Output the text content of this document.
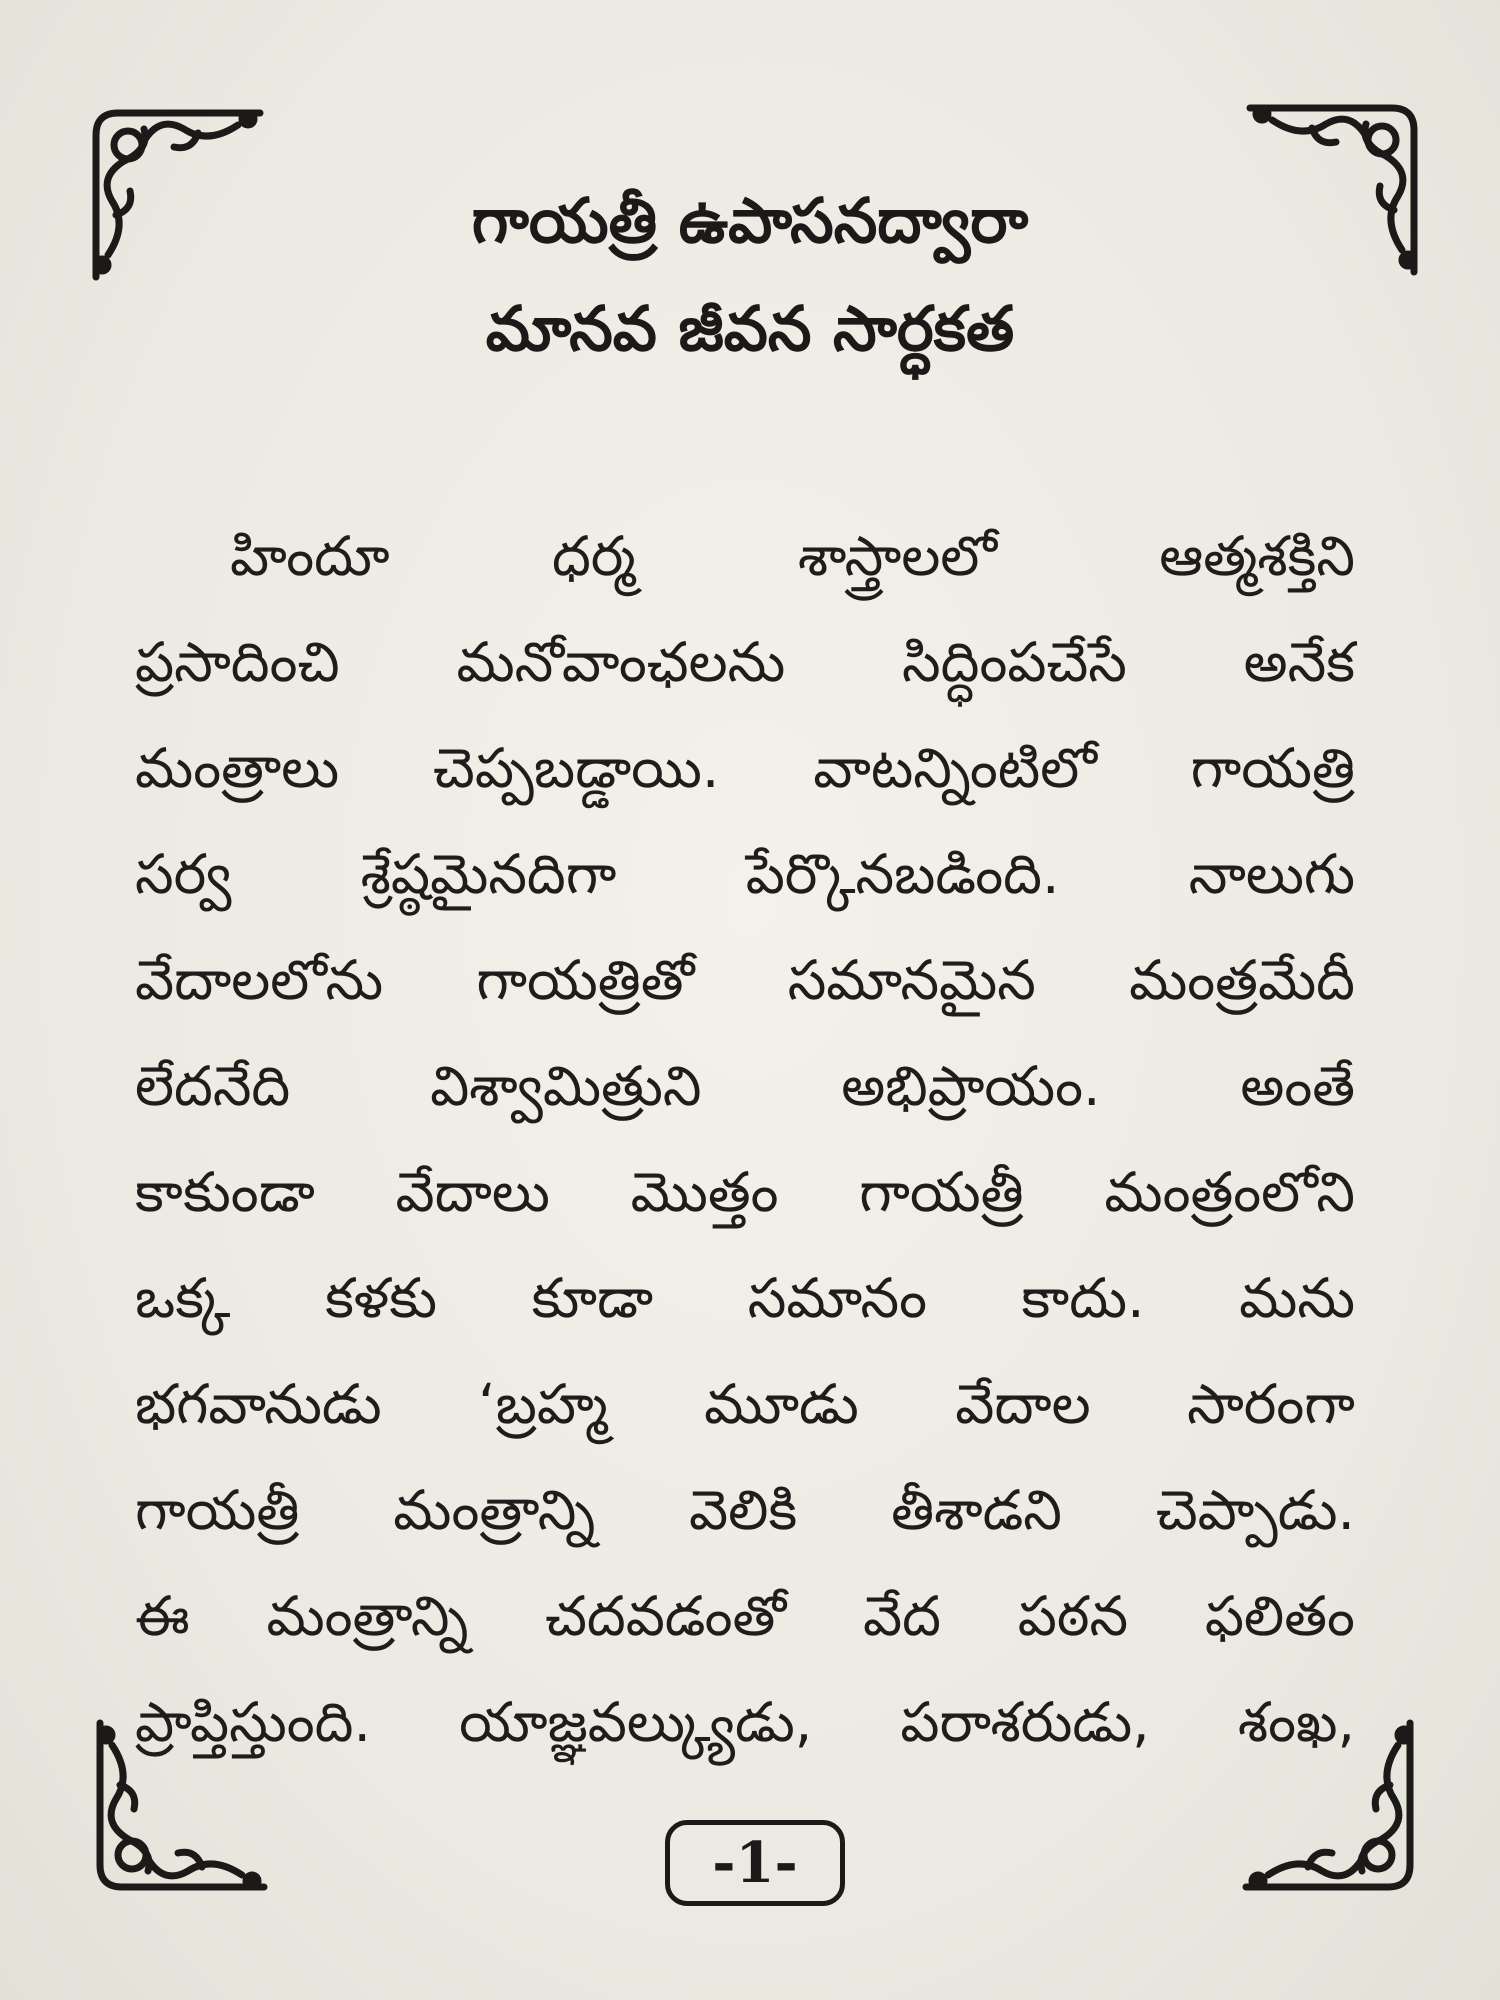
గాయత్రీ ఉపాసనద్వారా
మానవ జీవన సార్ధకత
హిందూ	ధర్మ	శాస్త్రాలలో	ఆత్మశక్తిని
ప్రసాదించి మనోవాంఛలను సిద్ధింపచేసే అనేక
మంత్రాలు చెప్పబడ్డాయి. వాటన్నింటిలో గాయత్రి
సర్వ శ్రేష్ఠమైనదిగా పేర్కొనబడింది. నాలుగు
వేదాలలోను గాయత్రితో సమానమైన మంత్రమేదీ
లేదనేది	విశ్వామిత్రుని	అభిప్రాయం.	అంతే
కాకుండా వేదాలు మొత్తం గాయత్రీ మంత్రంలోని
ఒక్క కళకు కూడా సమానం కాదు. మను
భగవానుడు ‘బ్రహ్మ మూడు వేదాల సారంగా
గాయత్రీ మంత్రాన్ని వెలికి తీశాడని చెప్పాడు.
ఈ మంత్రాన్ని చదవడంతో వేద పఠన ఫలితం
ప్రాప్తిస్తుంది. యాజ్ఞవల్క్యుడు, పరాశరుడు, శంఖ,
-1-
